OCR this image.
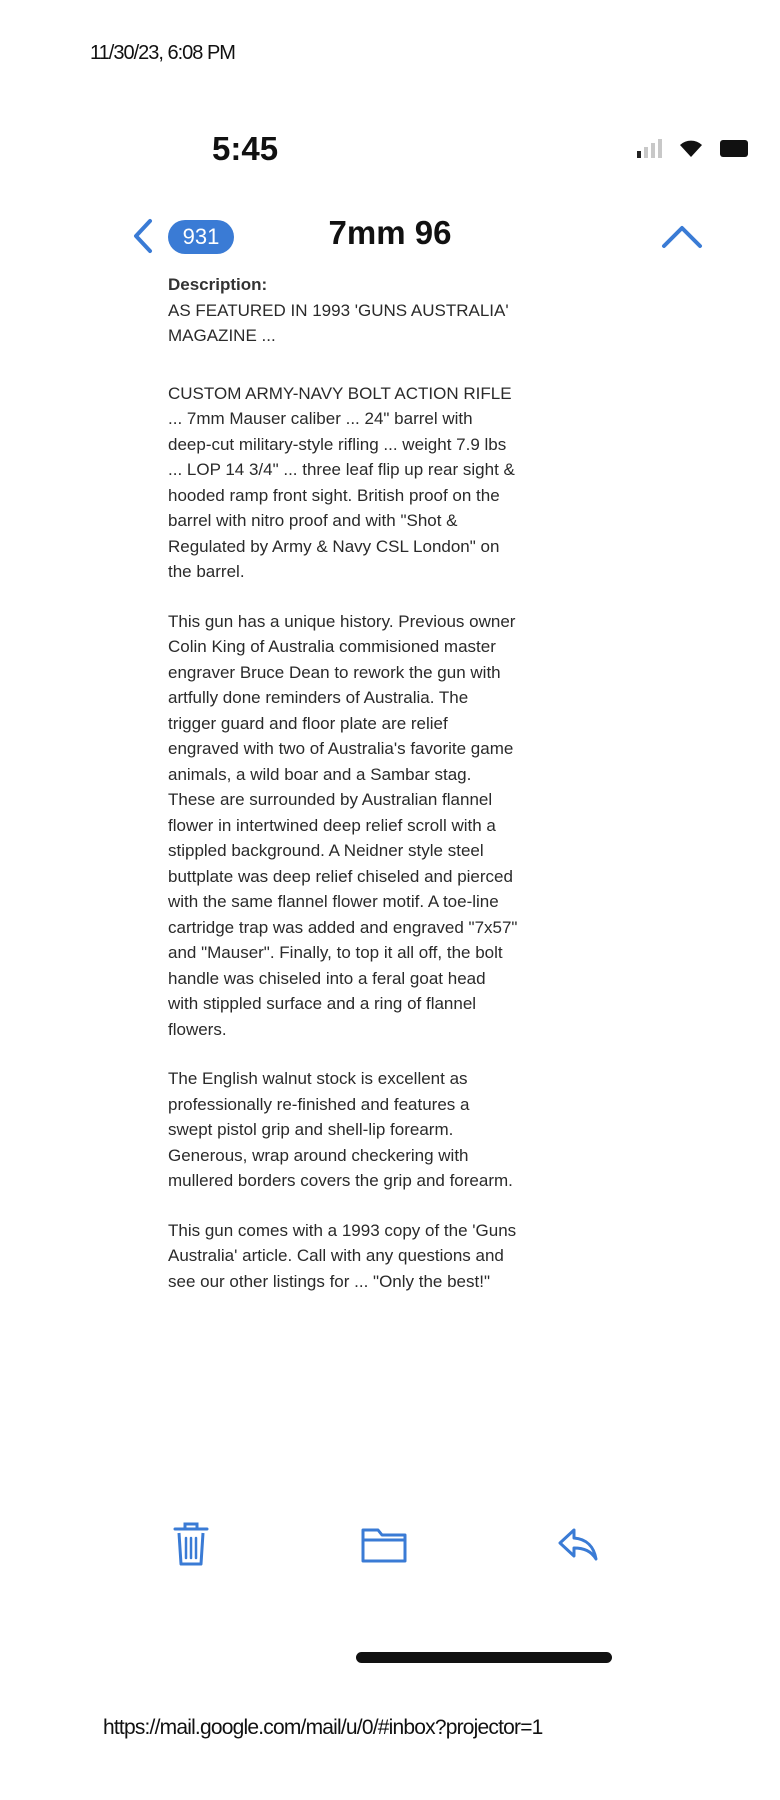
11/30/23, 6:08 PM
5:45
931	7mm 96

Description:
AS FEATURED IN 1993 'GUNS AUSTRALIA' MAGAZINE ...

CUSTOM ARMY-NAVY BOLT ACTION RIFLE ... 7mm Mauser caliber ... 24" barrel with deep-cut military-style rifling ... weight 7.9 lbs ... LOP 14 3/4" ... three leaf flip up rear sight & hooded ramp front sight. British proof on the barrel with nitro proof and with "Shot & Regulated by Army & Navy CSL London" on the barrel.

This gun has a unique history. Previous owner Colin King of Australia commisioned master engraver Bruce Dean to rework the gun with artfully done reminders of Australia. The trigger guard and floor plate are relief engraved with two of Australia's favorite game animals, a wild boar and a Sambar stag. These are surrounded by Australian flannel flower in intertwined deep relief scroll with a stippled background. A Neidner style steel buttplate was deep relief chiseled and pierced with the same flannel flower motif. A toe-line cartridge trap was added and engraved "7x57" and "Mauser". Finally, to top it all off, the bolt handle was chiseled into a feral goat head with stippled surface and a ring of flannel flowers.

The English walnut stock is excellent as professionally re-finished and features a swept pistol grip and shell-lip forearm. Generous, wrap around checkering with mullered borders covers the grip and forearm.

This gun comes with a 1993 copy of the 'Guns Australia' article. Call with any questions and see our other listings for ... "Only the best!"

https://mail.google.com/mail/u/0/#inbox?projector=1
